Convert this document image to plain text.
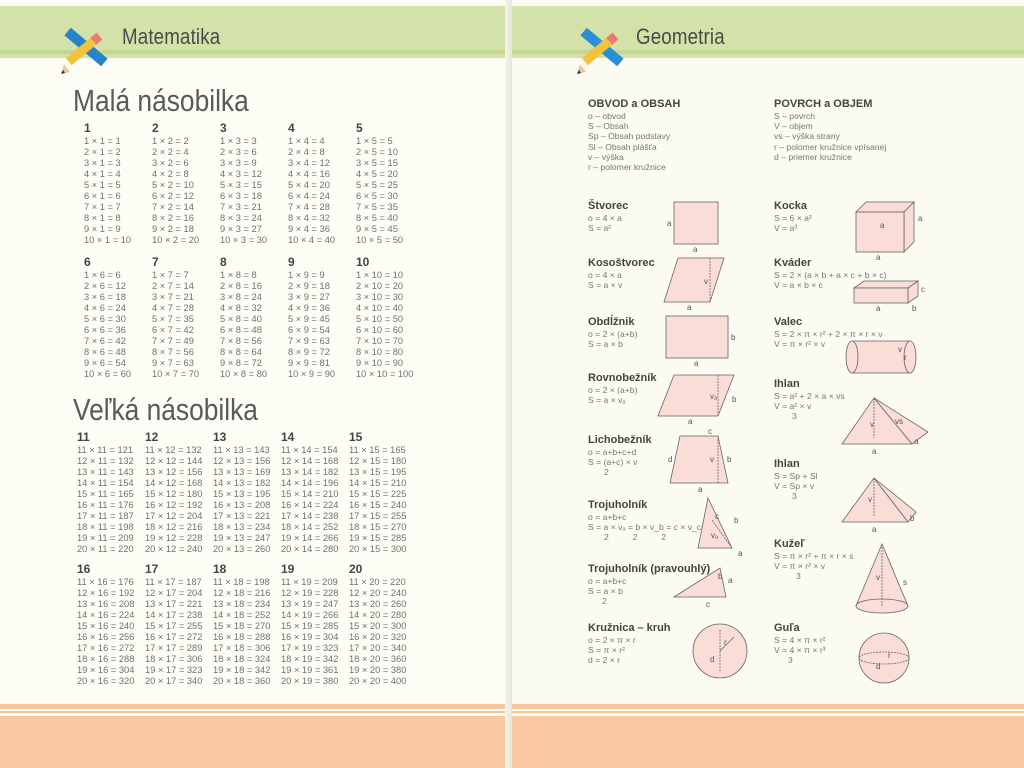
Matematika
Malá násobilka
Veľká násobilka
1
1 × 1 = 1
2 × 1 = 2
3 × 1 = 3
4 × 1 = 4
5 × 1 = 5
6 × 1 = 6
7 × 1 = 7
8 × 1 = 8
9 × 1 = 9
10 × 1 = 10
2
1 × 2 = 2
2 × 2 = 4
3 × 2 = 6
4 × 2 = 8
5 × 2 = 10
6 × 2 = 12
7 × 2 = 14
8 × 2 = 16
9 × 2 = 18
10 × 2 = 20
3
1 × 3 = 3
2 × 3 = 6
3 × 3 = 9
4 × 3 = 12
5 × 3 = 15
6 × 3 = 18
7 × 3 = 21
8 × 3 = 24
9 × 3 = 27
10 × 3 = 30
4
1 × 4 = 4
2 × 4 = 8
3 × 4 = 12
4 × 4 = 16
5 × 4 = 20
6 × 4 = 24
7 × 4 = 28
8 × 4 = 32
9 × 4 = 36
10 × 4 = 40
5
1 × 5 = 5
2 × 5 = 10
3 × 5 = 15
4 × 5 = 20
5 × 5 = 25
6 × 5 = 30
7 × 5 = 35
8 × 5 = 40
9 × 5 = 45
10 × 5 = 50
6
1 × 6 = 6
2 × 6 = 12
3 × 6 = 18
4 × 6 = 24
5 × 6 = 30
6 × 6 = 36
7 × 6 = 42
8 × 6 = 48
9 × 6 = 54
10 × 6 = 60
7
1 × 7 = 7
2 × 7 = 14
3 × 7 = 21
4 × 7 = 28
5 × 7 = 35
6 × 7 = 42
7 × 7 = 49
8 × 7 = 56
9 × 7 = 63
10 × 7 = 70
8
1 × 8 = 8
2 × 8 = 16
3 × 8 = 24
4 × 8 = 32
5 × 8 = 40
6 × 8 = 48
7 × 8 = 56
8 × 8 = 64
9 × 8 = 72
10 × 8 = 80
9
1 × 9 = 9
2 × 9 = 18
3 × 9 = 27
4 × 9 = 36
5 × 9 = 45
6 × 9 = 54
7 × 9 = 63
8 × 9 = 72
9 × 9 = 81
10 × 9 = 90
10
1 × 10 = 10
2 × 10 = 20
3 × 10 = 30
4 × 10 = 40
5 × 10 = 50
6 × 10 = 60
7 × 10 = 70
8 × 10 = 80
9 × 10 = 90
10 × 10 = 100
11
11 × 11 = 121
12 × 11 = 132
13 × 11 = 143
14 × 11 = 154
15 × 11 = 165
16 × 11 = 176
17 × 11 = 187
18 × 11 = 198
19 × 11 = 209
20 × 11 = 220
12
11 × 12 = 132
12 × 12 = 144
13 × 12 = 156
14 × 12 = 168
15 × 12 = 180
16 × 12 = 192
17 × 12 = 204
18 × 12 = 216
19 × 12 = 228
20 × 12 = 240
13
11 × 13 = 143
12 × 13 = 156
13 × 13 = 169
14 × 13 = 182
15 × 13 = 195
16 × 13 = 208
17 × 13 = 221
18 × 13 = 234
19 × 13 = 247
20 × 13 = 260
14
11 × 14 = 154
12 × 14 = 168
13 × 14 = 182
14 × 14 = 196
15 × 14 = 210
16 × 14 = 224
17 × 14 = 238
18 × 14 = 252
19 × 14 = 266
20 × 14 = 280
15
11 × 15 = 165
12 × 15 = 180
13 × 15 = 195
14 × 15 = 210
15 × 15 = 225
16 × 15 = 240
17 × 15 = 255
18 × 15 = 270
19 × 15 = 285
20 × 15 = 300
16
11 × 16 = 176
12 × 16 = 192
13 × 16 = 208
14 × 16 = 224
15 × 16 = 240
16 × 16 = 256
17 × 16 = 272
18 × 16 = 288
19 × 16 = 304
20 × 16 = 320
17
11 × 17 = 187
12 × 17 = 204
13 × 17 = 221
14 × 17 = 238
15 × 17 = 255
16 × 17 = 272
17 × 17 = 289
18 × 17 = 306
19 × 17 = 323
20 × 17 = 340
18
11 × 18 = 198
12 × 18 = 216
13 × 18 = 234
14 × 18 = 252
15 × 18 = 270
16 × 18 = 288
17 × 18 = 306
18 × 18 = 324
19 × 18 = 342
20 × 18 = 360
19
11 × 19 = 209
12 × 19 = 228
13 × 19 = 247
14 × 19 = 266
15 × 19 = 285
16 × 19 = 304
17 × 19 = 323
18 × 19 = 342
19 × 19 = 361
20 × 19 = 380
20
11 × 20 = 220
12 × 20 = 240
13 × 20 = 260
14 × 20 = 280
15 × 20 = 300
16 × 20 = 320
17 × 20 = 340
18 × 20 = 360
19 × 20 = 380
20 × 20 = 400
Geometria
OBVOD a OBSAH
o – obvod
S – Obsah
Sp – Obsah podstavy
Sl – Obsah plášťa
v – výška
r – polomer kružnice
POVRCH a OBJEM
S – povrch
V – objem
vs – výška strany
r – polomer kružnice vpísanej
d – priemer kružnice
Štvorec
o = 4 × a
S = a²
Kosoštvorec
o = 4 × a
S = a × v
Obdĺžnik
o = 2 × (a+b)
S = a × b
Rovnobežník
o = 2 × (a+b)
S = a × vₐ
Lichobežník
o = a+b+c+d
S = (a+c) × v
2
Trojuholník
o = a+b+c
S = a × vₐ = b × v_b = c × v_c
2          2          2
Trojuholník (pravouhlý)
o = a+b+c
S = a × b
2
Kružnica – kruh
o = 2 × π × r
S = π × r²
d = 2 × r
Kocka
S = 6 × a²
V = a³
Kváder
S = 2 × (a × b + a × c + b × c)
V = a × b × c
Valec
S = 2 × π × r² + 2 × π × r × v
V = π × r² × v
Ihlan
S = a² + 2 × a × vs
V = a² × v
3
Ihlan
S = Sp + Sl
V = Sp × v
3
Kužeľ
S = π × r² + π × r × s
V = π × r² × v
3
Guľa
S = 4 × π × r²
V = 4 × π × r³
3
a
a
a
v
b
a
vₐ b
a
c
d	v b
a
c b
vₐ
a
b a
c
r
d
a
a
a
c
b
a
v
r
v	vs
a
a
v
b
a
v
s
r
d
